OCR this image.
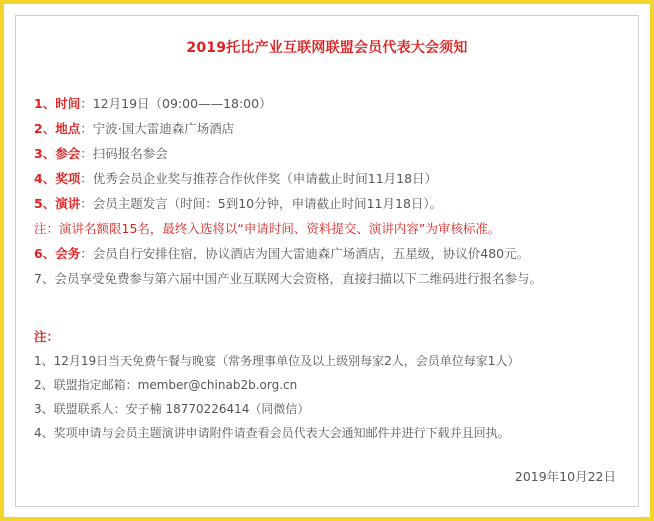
2019托比产业互联网联盟会员代表大会须知
1、时间：12月19日（09:00——18:00）
2、地点：宁波·国大雷迪森广场酒店
3、参会：扫码报名参会
4、奖项：优秀会员企业奖与推荐合作伙伴奖（申请截止时间11月18日）
5、演讲：会员主题发言（时间：5到10分钟，申请截止时间11月18日）。
注：演讲名额限15名，最终入选将以“申请时间、资料提交、演讲内容”为审核标准。
6、会务：会员自行安排住宿，协议酒店为国大雷迪森广场酒店，五星级，协议价480元。
7、会员享受免费参与第六届中国产业互联网大会资格，直接扫描以下二维码进行报名参与。
注：
1、12月19日当天免费午餐与晚宴（常务理事单位及以上级别每家2人，会员单位每家1人）
2、联盟指定邮箱：member@chinab2b.org.cn
3、联盟联系人：安子楠 18770226414（同微信）
4、奖项申请与会员主题演讲申请附件请查看会员代表大会通知邮件并进行下载并且回执。
2019年10月22日
